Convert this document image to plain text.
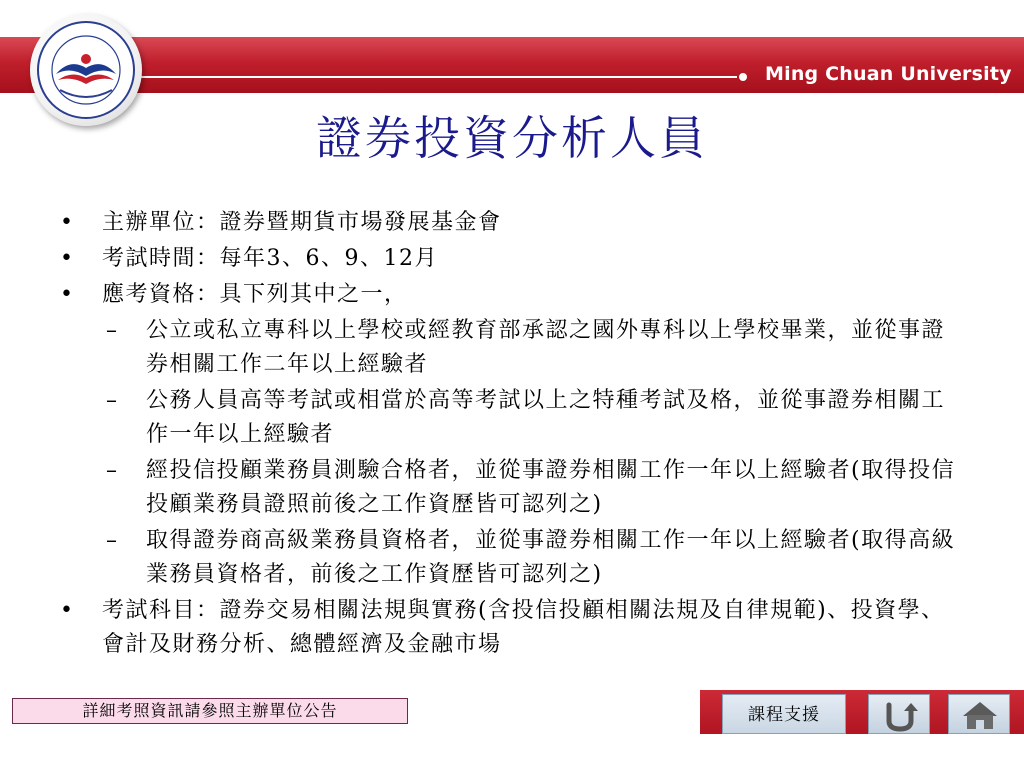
Ming Chuan University
證券投資分析人員
• 主辦單位：證券暨期貨市場發展基金會
• 考試時間：每年3、6、9、12月
• 應考資格：具下列其中之一，
– 公立或私立專科以上學校或經教育部承認之國外專科以上學校畢業，並從事證券相關工作二年以上經驗者
– 公務人員高等考試或相當於高等考試以上之特種考試及格，並從事證券相關工作一年以上經驗者
– 經投信投顧業務員測驗合格者，並從事證券相關工作一年以上經驗者(取得投信投顧業務員證照前後之工作資歷皆可認列之)
– 取得證券商高級業務員資格者，並從事證券相關工作一年以上經驗者(取得高級業務員資格者，前後之工作資歷皆可認列之)
• 考試科目：證券交易相關法規與實務(含投信投顧相關法規及自律規範)、投資學、會計及財務分析、總體經濟及金融市場
詳細考照資訊請參照主辦單位公告	課程支援
